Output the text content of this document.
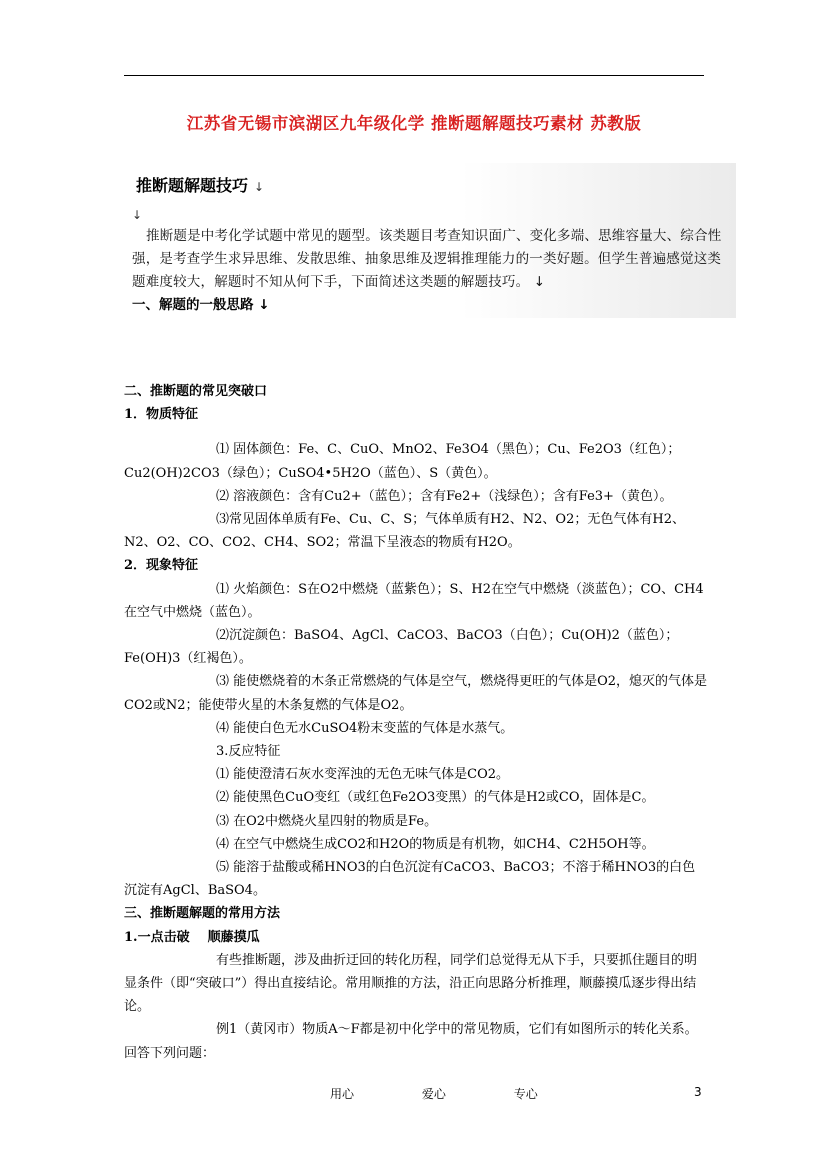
江苏省无锡市滨湖区九年级化学 推断题解题技巧素材 苏教版
推断题解题技巧 ↓
↓
推断题是中考化学试题中常见的题型。该类题目考查知识面广、变化多端、思维容量大、综合性强，是考查学生求异思维、发散思维、抽象思维及逻辑推理能力的一类好题。但学生普遍感觉这类题难度较大，解题时不知从何下手，下面简述这类题的解题技巧。 ↓
一、解题的一般思路 ↓

二、推断题的常见突破口

1．物质特征

⑴ 固体颜色：Fe、C、CuO、MnO2、Fe3O4（黑色）；Cu、Fe2O3（红色）；Cu2(OH)2CO3（绿色）；CuSO4•5H2O（蓝色）、S（黄色）。

⑵ 溶液颜色：含有Cu2+（蓝色）；含有Fe2+（浅绿色）；含有Fe3+（黄色）。

⑶常见固体单质有Fe、Cu、C、S；气体单质有H2、N2、O2；无色气体有H2、N2、O2、CO、CO2、CH4、SO2；常温下呈液态的物质有H2O。

2．现象特征

⑴ 火焰颜色：S在O2中燃烧（蓝紫色）；S、H2在空气中燃烧（淡蓝色）；CO、CH4在空气中燃烧（蓝色）。

⑵沉淀颜色：BaSO4、AgCl、CaCO3、BaCO3（白色）；Cu(OH)2（蓝色）；Fe(OH)3（红褐色）。

⑶ 能使燃烧着的木条正常燃烧的气体是空气，燃烧得更旺的气体是O2，熄灭的气体是CO2或N2；能使带火星的木条复燃的气体是O2。

⑷ 能使白色无水CuSO4粉末变蓝的气体是水蒸气。

3.反应特征

⑴ 能使澄清石灰水变浑浊的无色无味气体是CO2。

⑵ 能使黑色CuO变红（或红色Fe2O3变黑）的气体是H2或CO，固体是C。

⑶ 在O2中燃烧火星四射的物质是Fe。

⑷ 在空气中燃烧生成CO2和H2O的物质是有机物，如CH4、C2H5OH等。

⑸ 能溶于盐酸或稀HNO3的白色沉淀有CaCO3、BaCO3；不溶于稀HNO3的白色沉淀有AgCl、BaSO4。

三、推断题解题的常用方法

1.一点击破    顺藤摸瓜

有些推断题，涉及曲折迂回的转化历程，同学们总觉得无从下手，只要抓住题目的明显条件（即“突破口”）得出直接结论。常用顺推的方法，沿正向思路分析推理，顺藤摸瓜逐步得出结论。

例1（黄冈市）物质A～F都是初中化学中的常见物质，它们有如图所示的转化关系。回答下列问题：

用心	爱心	专心	3
